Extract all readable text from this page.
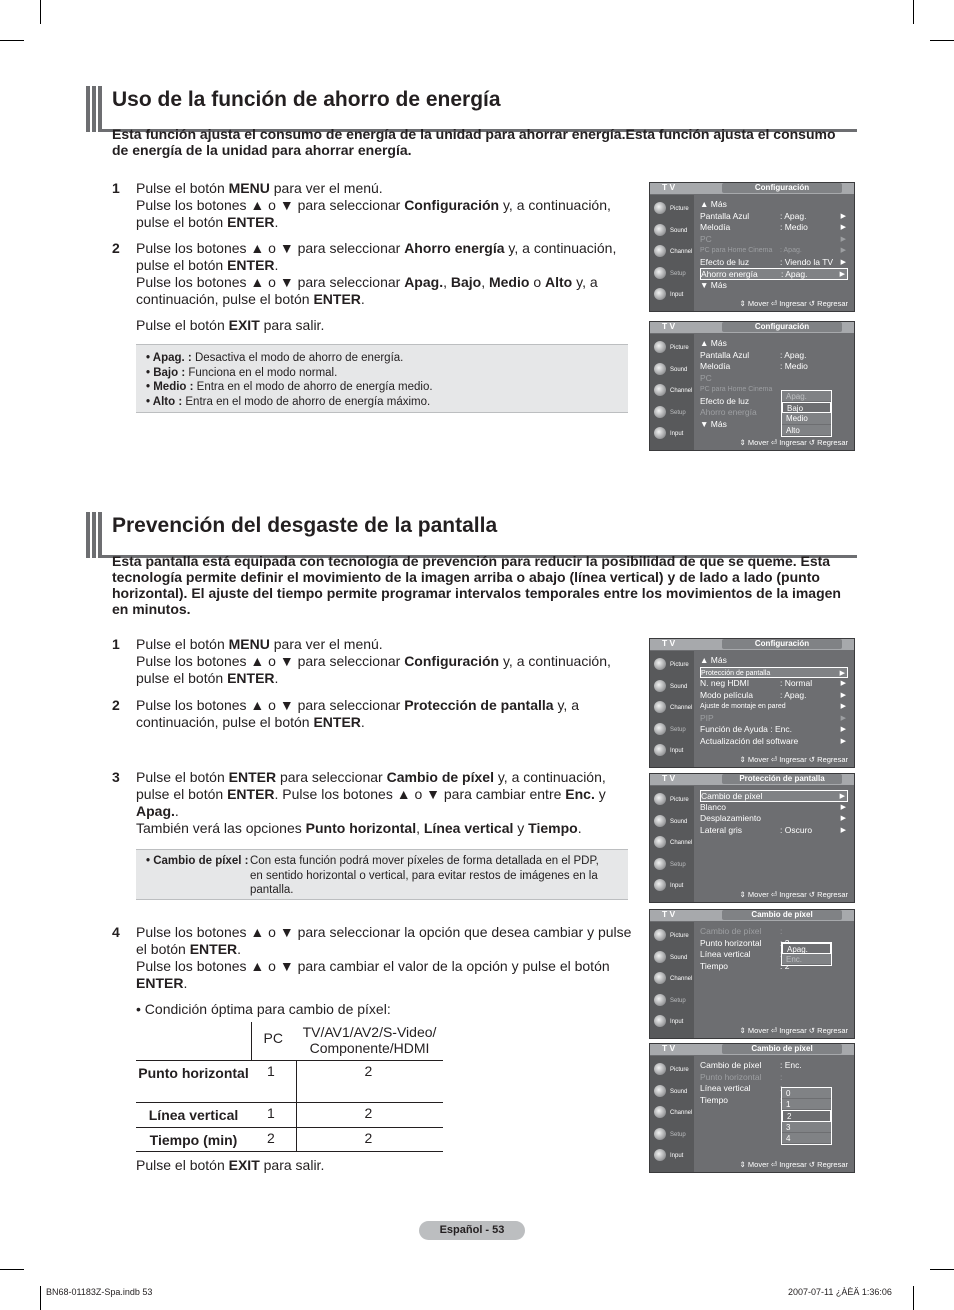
Uso de la función de ahorro de energía
Esta función ajusta el consumo de energía de la unidad para ahorrar energía.Esta función ajusta el consumo de energía de la unidad para ahorrar energía.
1 Pulse el botón MENU para ver el menú.
Pulse los botones ▲ o ▼ para seleccionar Configuración y, a continuación, pulse el botón ENTER.
2 Pulse los botones ▲ o ▼ para seleccionar Ahorro energía y, a continuación, pulse el botón ENTER.
Pulse los botones ▲ o ▼ para seleccionar Apag., Bajo, Medio o Alto y, a continuación, pulse el botón ENTER.
Pulse el botón EXIT para salir.
• Apag. : Desactiva el modo de ahorro de energía.
• Bajo : Funciona en el modo normal.
• Medio : Entra en el modo de ahorro de energía medio.
• Alto : Entra en el modo de ahorro de energía máximo.
Prevención del desgaste de la pantalla
Esta pantalla está equipada con tecnología de prevención para reducir la posibilidad de que se queme. Esta tecnología permite definir el movimiento de la imagen arriba o abajo (línea vertical) y de lado a lado (punto horizontal). El ajuste del tiempo permite programar intervalos temporales entre los movimientos de la imagen en minutos.
1 Pulse el botón MENU para ver el menú.
Pulse los botones ▲ o ▼ para seleccionar Configuración y, a continuación, pulse el botón ENTER.
2 Pulse los botones ▲ o ▼ para seleccionar Protección de pantalla y, a continuación, pulse el botón ENTER.
3 Pulse el botón ENTER para seleccionar Cambio de píxel y, a continuación, pulse el botón ENTER. Pulse los botones ▲ o ▼ para cambiar entre Enc. y Apag..
También verá las opciones Punto horizontal, Línea vertical y Tiempo.
• Cambio de píxel : Con esta función podrá mover píxeles de forma detallada en el PDP, en sentido horizontal o vertical, para evitar restos de imágenes en la pantalla.
4 Pulse los botones ▲ o ▼ para seleccionar la opción que desea cambiar y pulse el botón ENTER.
Pulse los botones ▲ o ▼ para cambiar el valor de la opción y pulse el botón ENTER.
• Condición óptima para cambio de píxel:
	PC	TV/AV1/AV2/S-Video/ Componente/HDMI
Punto horizontal	1	2
Línea vertical	1	2
Tiempo (min)	2	2
Pulse el botón EXIT para salir.
T V	Configuración
Picture
Sound
Channel
Setup
Input
▲ Más
Pantalla Azul	: Apag.	▶
Melodía	: Medio	▶
PC	▶
PC para Home Cinema : Apag.	▶
Efecto de luz	: Viendo la TV ▶
Ahorro energía	: Apag.	▶
▼ Más
⇕ Mover ⏎ Ingresar ↺ Regresar
T V	Configuración
Picture
Sound
Channel
Setup
Input
▲ Más
Pantalla Azul	: Apag.
Melodía	: Medio
PC
PC para Home Cinema
Efecto de luz
Ahorro energía
▼ Más
Apag.
Bajo
Medio
Alto
⇕ Mover ⏎ Ingresar ↺ Regresar
T V	Configuración
Picture
Sound
Channel
Setup
Input
▲ Más
Protección de pantalla	▶
N. neg HDMI	: Normal	▶
Modo película	: Apag.	▶
Ajuste de montaje en pared	▶
PIP	▶
Función de Ayuda : Enc.	▶
Actualización del software	▶
⇕ Mover ⏎ Ingresar ↺ Regresar
T V	Protección de pantalla
Picture
Sound
Channel
Setup
Input
Cambio de píxel	▶
Blanco	▶
Desplazamiento	▶
Lateral gris	: Oscuro	▶
⇕ Mover ⏎ Ingresar ↺ Regresar
T V	Cambio de píxel
Picture
Sound
Channel
Setup
Input
Cambio de píxel :
Punto horizontal
Línea vertical
Tiempo
Apag.
Enc.
⇕ Mover ⏎ Ingresar ↺ Regresar
T V	Cambio de píxel
Picture
Sound
Channel
Setup
Input
Cambio de píxel : Enc.
Punto horizontal :
Línea vertical
Tiempo
0
1
2
3
4
⇕ Mover ⏎ Ingresar ↺ Regresar
Español - 53
BN68-01183Z-Spa.indb 53	2007-07-11 ¿ÀÈÄ 1:36:06
